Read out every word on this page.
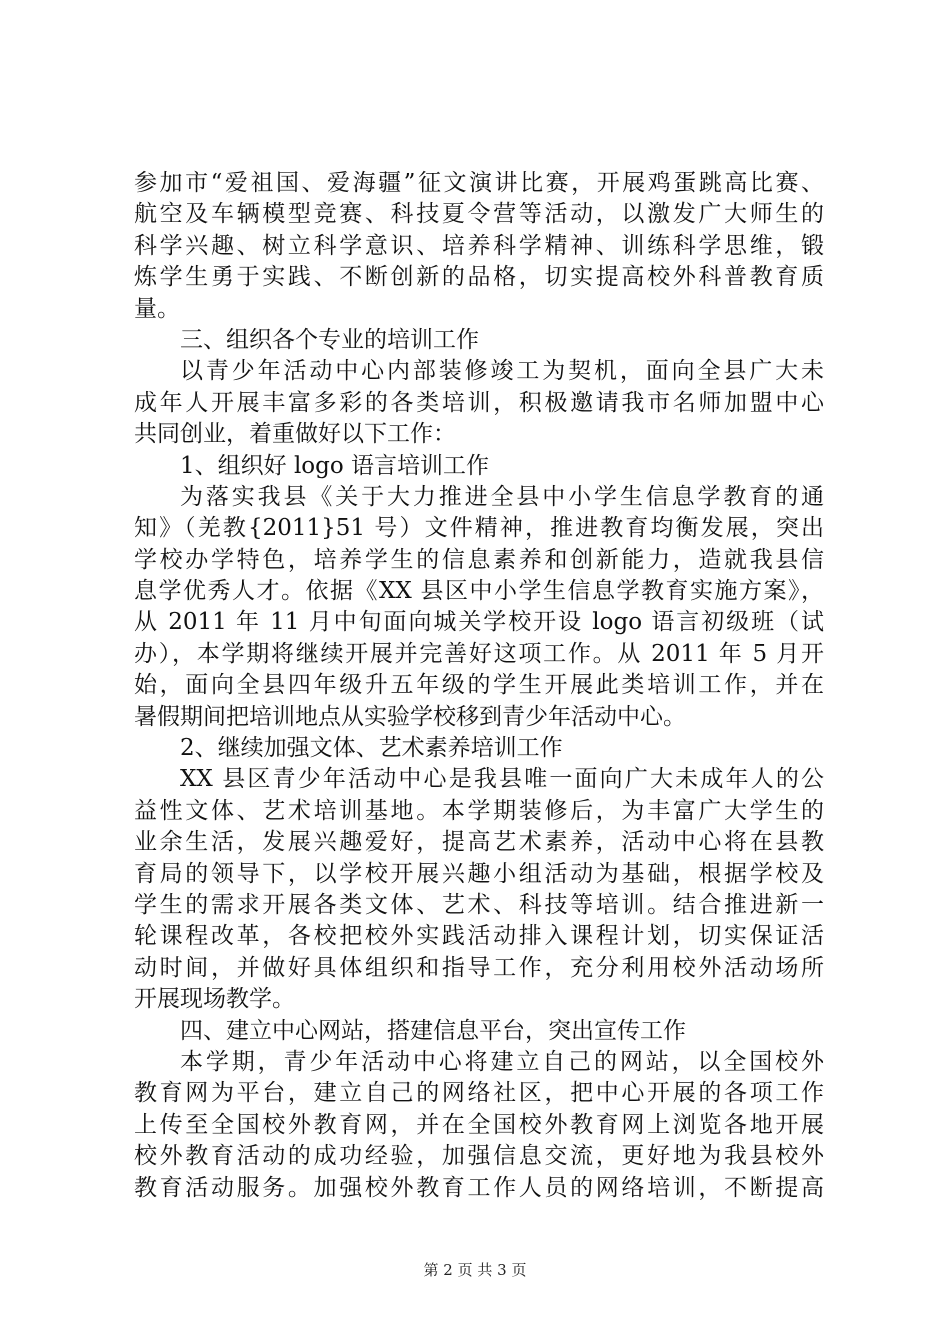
参加市“爱祖国、爱海疆”征文演讲比赛，开展鸡蛋跳高比赛、
航空及车辆模型竞赛、科技夏令营等活动，以激发广大师生的
科学兴趣、树立科学意识、培养科学精神、训练科学思维，锻
炼学生勇于实践、不断创新的品格，切实提高校外科普教育质
量。
三、组织各个专业的培训工作
以青少年活动中心内部装修竣工为契机，面向全县广大未
成年人开展丰富多彩的各类培训，积极邀请我市名师加盟中心
共同创业，着重做好以下工作：
1、组织好 logo 语言培训工作
为落实我县《关于大力推进全县中小学生信息学教育的通
知》（羌教{2011}51 号）文件精神，推进教育均衡发展，突出
学校办学特色，培养学生的信息素养和创新能力，造就我县信
息学优秀人才。依据《XX 县区中小学生信息学教育实施方案》，
从 2011 年 11 月中旬面向城关学校开设 logo 语言初级班（试
办），本学期将继续开展并完善好这项工作。从 2011 年 5 月开
始，面向全县四年级升五年级的学生开展此类培训工作，并在
暑假期间把培训地点从实验学校移到青少年活动中心。
2、继续加强文体、艺术素养培训工作
XX 县区青少年活动中心是我县唯一面向广大未成年人的公
益性文体、艺术培训基地。本学期装修后，为丰富广大学生的
业余生活，发展兴趣爱好，提高艺术素养，活动中心将在县教
育局的领导下，以学校开展兴趣小组活动为基础，根据学校及
学生的需求开展各类文体、艺术、科技等培训。结合推进新一
轮课程改革，各校把校外实践活动排入课程计划，切实保证活
动时间，并做好具体组织和指导工作，充分利用校外活动场所
开展现场教学。
四、建立中心网站，搭建信息平台，突出宣传工作
本学期，青少年活动中心将建立自己的网站，以全国校外
教育网为平台，建立自己的网络社区，把中心开展的各项工作
上传至全国校外教育网，并在全国校外教育网上浏览各地开展
校外教育活动的成功经验，加强信息交流，更好地为我县校外
教育活动服务。加强校外教育工作人员的网络培训，不断提高
第 2 页 共 3 页
